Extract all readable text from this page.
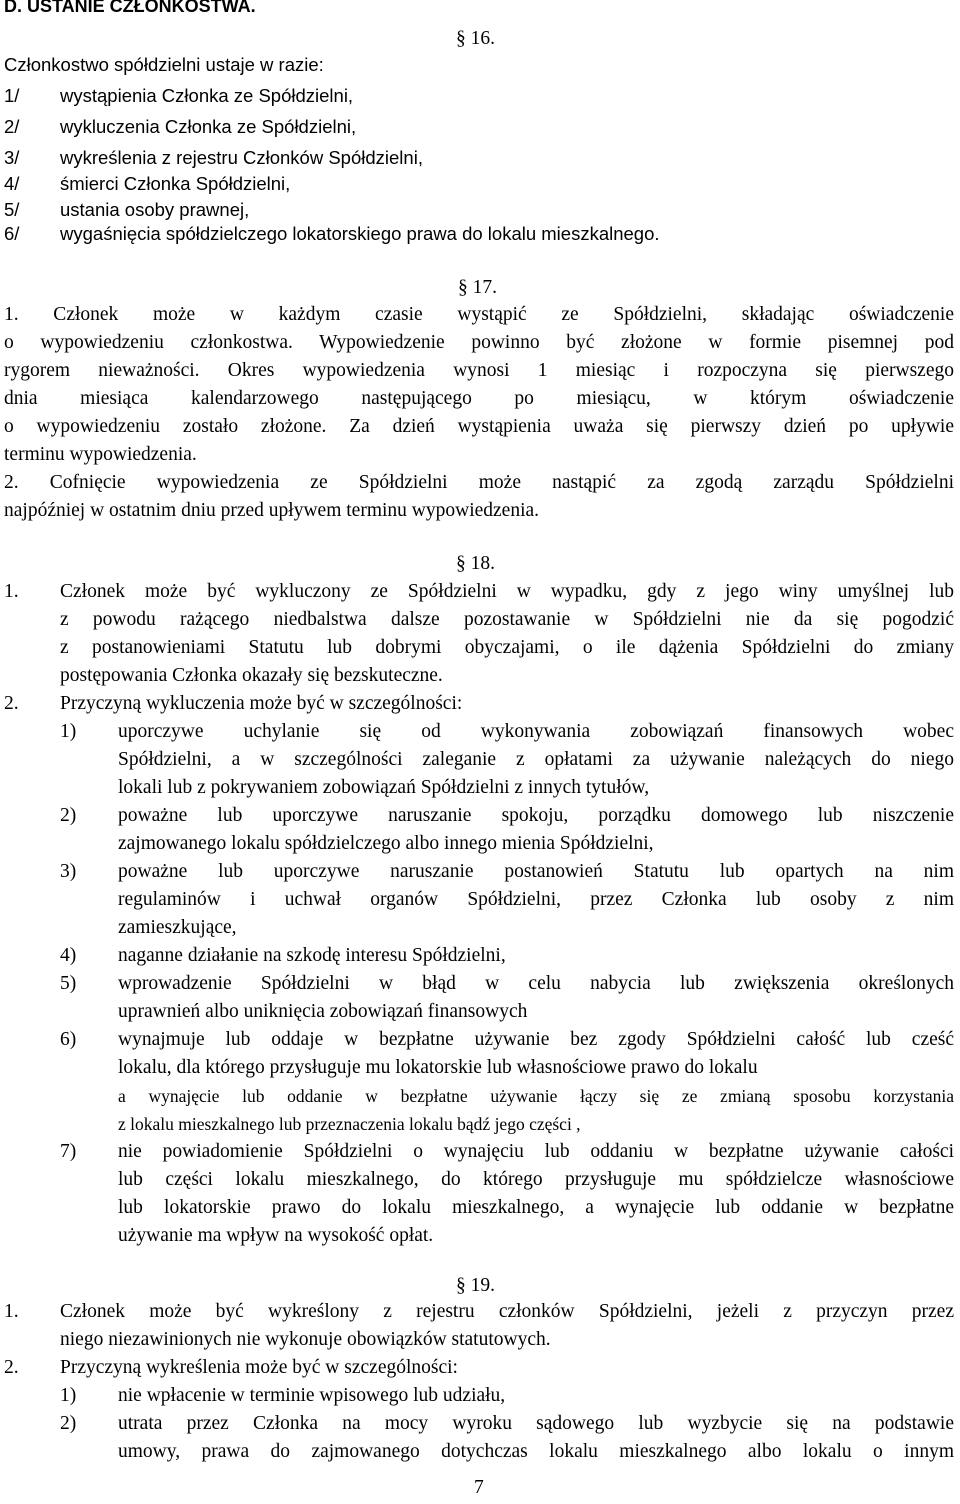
D. USTANIE CZŁONKOSTWA.
§ 16.
Członkostwo spółdzielni ustaje w razie:
1/ wystąpienia Członka ze Spółdzielni,
2/ wykluczenia Członka ze Spółdzielni,
3/ wykreślenia z rejestru Członków Spółdzielni,
4/ śmierci Członka Spółdzielni,
5/ ustania osoby prawnej,
6/ wygaśnięcia spółdzielczego lokatorskiego prawa do lokalu mieszkalnego.
§ 17.
1. Członek może w każdym czasie wystąpić ze Spółdzielni, składając oświadczenie
o wypowiedzeniu członkostwa. Wypowiedzenie powinno być złożone w formie pisemnej pod
rygorem nieważności. Okres wypowiedzenia wynosi 1 miesiąc i rozpoczyna się pierwszego
dnia miesiąca kalendarzowego następującego po miesiącu, w którym oświadczenie
o wypowiedzeniu zostało złożone. Za dzień wystąpienia uważa się pierwszy dzień po upływie
terminu wypowiedzenia.
2. Cofnięcie wypowiedzenia ze Spółdzielni może nastąpić za zgodą zarządu Spółdzielni
najpóźniej w ostatnim dniu przed upływem terminu wypowiedzenia.
§ 18.
1. Członek może być wykluczony ze Spółdzielni w wypadku, gdy z jego winy umyślnej lub
z powodu rażącego niedbalstwa dalsze pozostawanie w Spółdzielni nie da się pogodzić
z postanowieniami Statutu lub dobrymi obyczajami, o ile dążenia Spółdzielni do zmiany
postępowania Członka okazały się bezskuteczne.
2. Przyczyną wykluczenia może być w szczególności:
1) uporczywe uchylanie się od wykonywania zobowiązań finansowych wobec
Spółdzielni, a w szczególności zaleganie z opłatami za używanie należących do niego
lokali lub z pokrywaniem zobowiązań Spółdzielni z innych tytułów,
2) poważne lub uporczywe naruszanie spokoju, porządku domowego lub niszczenie
zajmowanego lokalu spółdzielczego albo innego mienia Spółdzielni,
3) poważne lub uporczywe naruszanie postanowień Statutu lub opartych na nim
regulaminów i uchwał organów Spółdzielni, przez Członka lub osoby z nim
zamieszkujące,
4) naganne działanie na szkodę interesu Spółdzielni,
5) wprowadzenie Spółdzielni w błąd w celu nabycia lub zwiększenia określonych
uprawnień albo uniknięcia zobowiązań finansowych
6) wynajmuje lub oddaje w bezpłatne używanie bez zgody Spółdzielni całość lub cześć
lokalu, dla którego przysługuje mu lokatorskie lub własnościowe prawo do lokalu
a wynajęcie lub oddanie w bezpłatne używanie łączy się ze zmianą sposobu korzystania
z lokalu mieszkalnego lub przeznaczenia lokalu bądź jego części ,
7) nie powiadomienie Spółdzielni o wynajęciu lub oddaniu w bezpłatne używanie całości
lub części lokalu mieszkalnego, do którego przysługuje mu spółdzielcze własnościowe
lub lokatorskie prawo do lokalu mieszkalnego, a wynajęcie lub oddanie w bezpłatne
używanie ma wpływ na wysokość opłat.
§ 19.
1. Członek może być wykreślony z rejestru członków Spółdzielni, jeżeli z przyczyn przez
niego niezawinionych nie wykonuje obowiązków statutowych.
2. Przyczyną wykreślenia może być w szczególności:
1) nie wpłacenie w terminie wpisowego lub udziału,
2) utrata przez Członka na mocy wyroku sądowego lub wyzbycie się na podstawie
umowy, prawa do zajmowanego dotychczas lokalu mieszkalnego albo lokalu o innym
7
